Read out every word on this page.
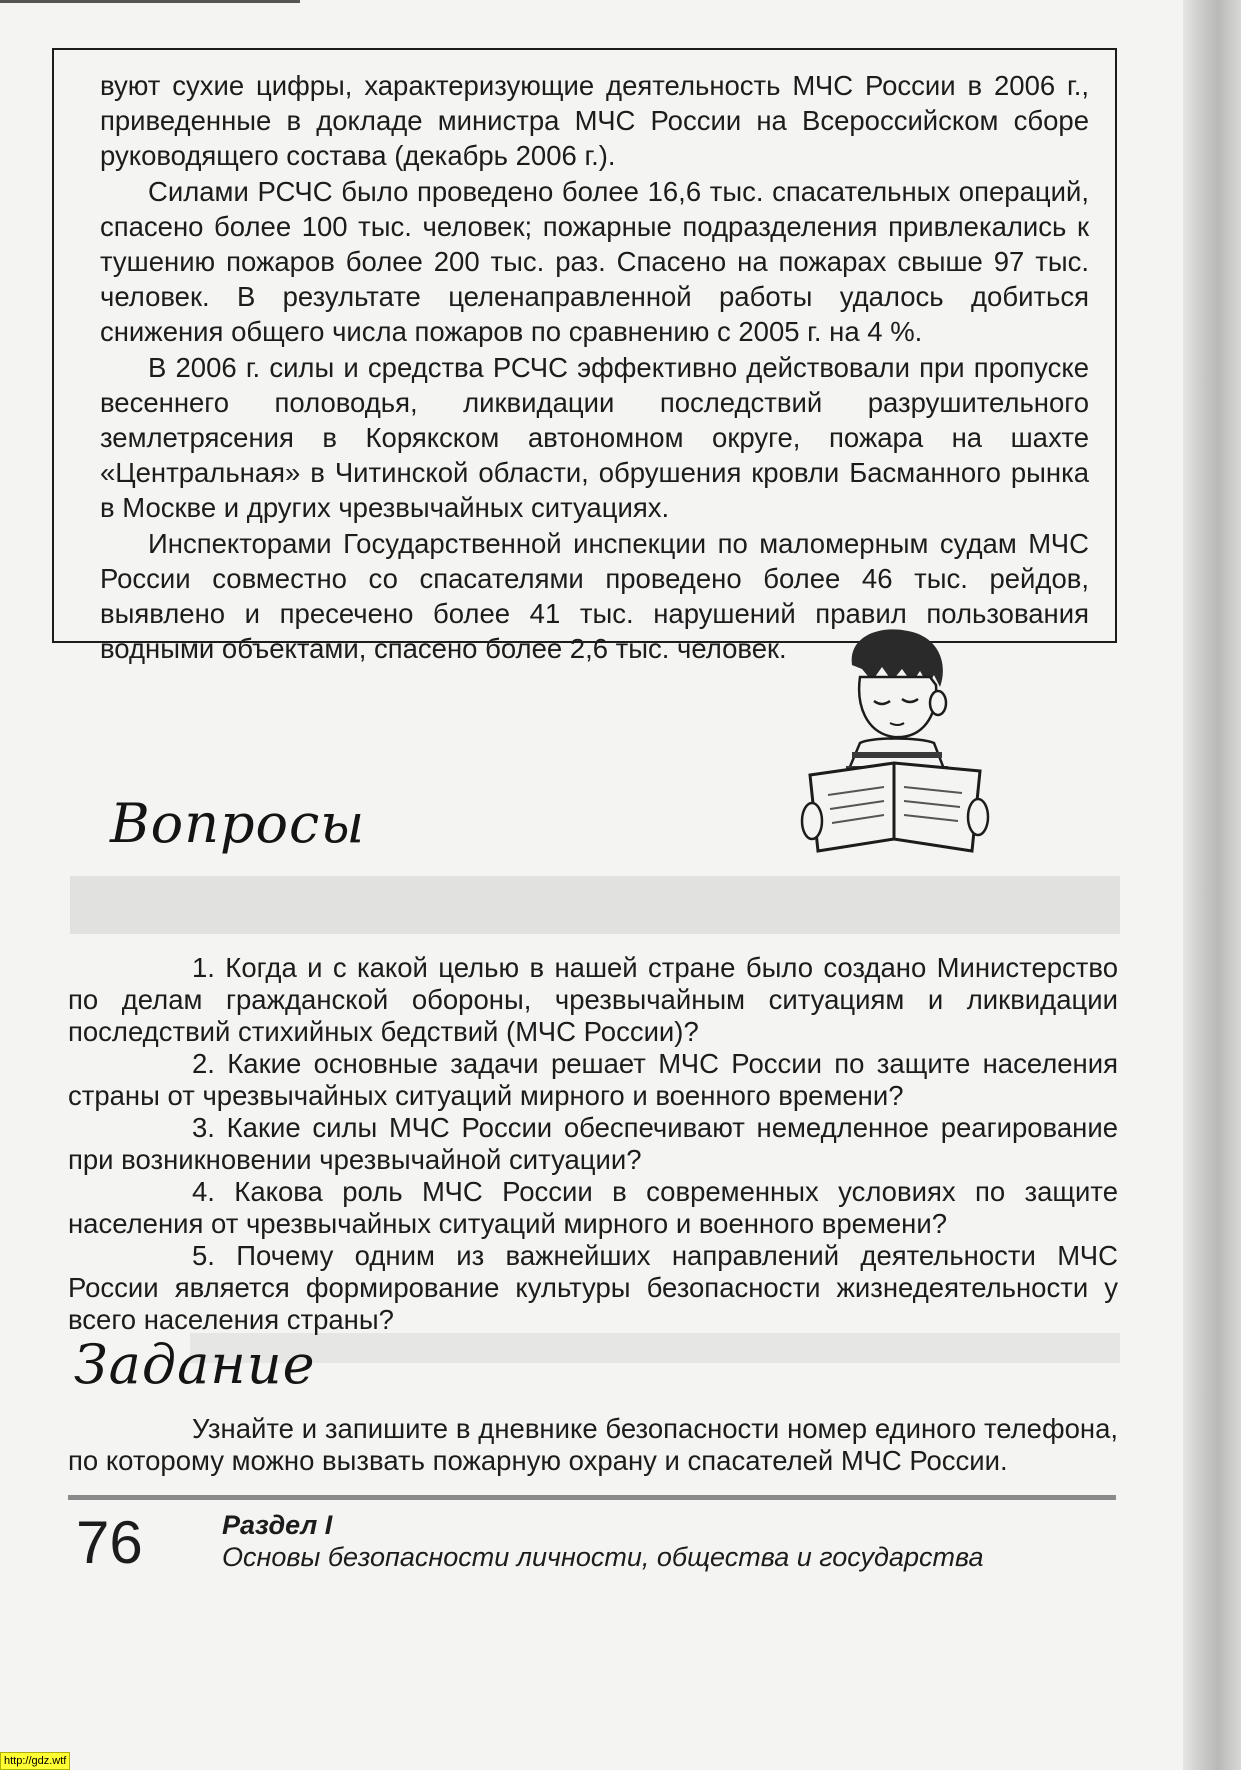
вуют сухие цифры, характеризующие деятельность МЧС России в 2006 г., приведенные в докладе министра МЧС России на Всероссийском сборе руководящего состава (декабрь 2006 г.).

Силами РСЧС было проведено более 16,6 тыс. спасательных операций, спасено более 100 тыс. человек; пожарные подразделения привлекались к тушению пожаров более 200 тыс. раз. Спасено на пожарах свыше 97 тыс. человек. В результате целенаправленной работы удалось добиться снижения общего числа пожаров по сравнению с 2005 г. на 4 %.

В 2006 г. силы и средства РСЧС эффективно действовали при пропуске весеннего половодья, ликвидации последствий разрушительного землетрясения в Корякском автономном округе, пожара на шахте «Центральная» в Читинской области, обрушения кровли Басманного рынка в Москве и других чрезвычайных ситуациях.

Инспекторами Государственной инспекции по маломерным судам МЧС России совместно со спасателями проведено более 46 тыс. рейдов, выявлено и пресечено более 41 тыс. нарушений правил пользования водными объектами, спасено более 2,6 тыс. человек.

Вопросы
1. Когда и с какой целью в нашей стране было создано Министерство по делам гражданской обороны, чрезвычайным ситуациям и ликвидации последствий стихийных бедствий (МЧС России)?
2. Какие основные задачи решает МЧС России по защите населения страны от чрезвычайных ситуаций мирного и военного времени?
3. Какие силы МЧС России обеспечивают немедленное реагирование при возникновении чрезвычайной ситуации?
4. Какова роль МЧС России в современных условиях по защите населения от чрезвычайных ситуаций мирного и военного времени?
5. Почему одним из важнейших направлений деятельности МЧС России является формирование культуры безопасности жизнедеятельности у всего населения страны?
Задание

Узнайте и запишите в дневнике безопасности номер единого телефона, по которому можно вызвать пожарную охрану и спасателей МЧС России.

76	Раздел I
Основы безопасности личности, общества и государства
http://gdz.wtf
